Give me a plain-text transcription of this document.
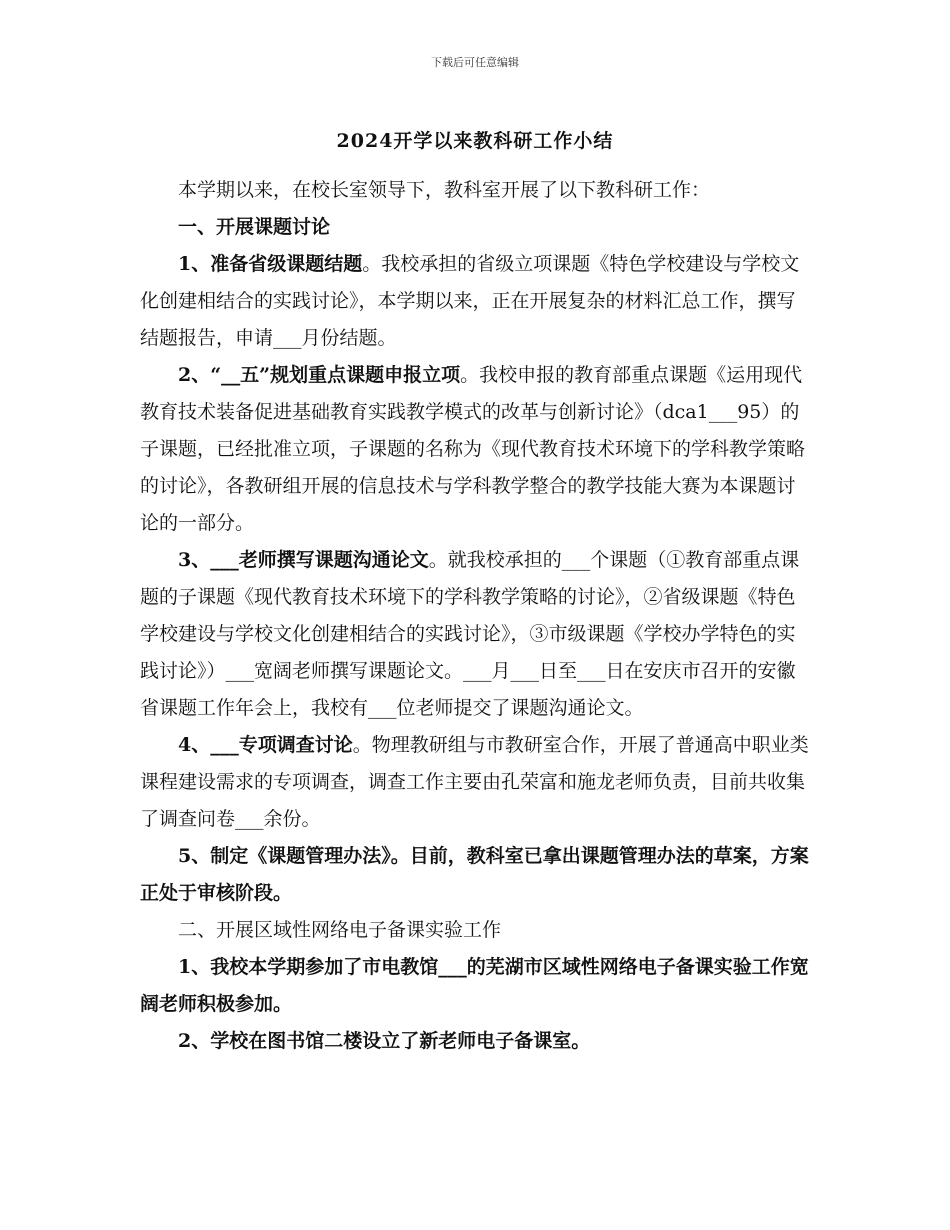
下载后可任意编辑
2024开学以来教科研工作小结

本学期以来，在校长室领导下，教科室开展了以下教科研工作：

一、开展课题讨论

1、准备省级课题结题。我校承担的省级立项课题《特色学校建设与学校文化创建相结合的实践讨论》，本学期以来，正在开展复杂的材料汇总工作，撰写结题报告，申请___月份结题。

2、“__五”规划重点课题申报立项。我校申报的教育部重点课题《运用现代教育技术装备促进基础教育实践教学模式的改革与创新讨论》（dca1___95）的子课题，已经批准立项，子课题的名称为《现代教育技术环境下的学科教学策略的讨论》，各教研组开展的信息技术与学科教学整合的教学技能大赛为本课题讨论的一部分。

3、___老师撰写课题沟通论文。就我校承担的___个课题（①教育部重点课题的子课题《现代教育技术环境下的学科教学策略的讨论》，②省级课题《特色学校建设与学校文化创建相结合的实践讨论》，③市级课题《学校办学特色的实践讨论》）___宽阔老师撰写课题论文。___月___日至___日在安庆市召开的安徽省课题工作年会上，我校有___位老师提交了课题沟通论文。

4、___专项调查讨论。物理教研组与市教研室合作，开展了普通高中职业类课程建设需求的专项调查，调查工作主要由孔荣富和施龙老师负责，目前共收集了调查问卷___余份。

5、制定《课题管理办法》。目前，教科室已拿出课题管理办法的草案，方案正处于审核阶段。

二、开展区域性网络电子备课实验工作

1、我校本学期参加了市电教馆___的芜湖市区域性网络电子备课实验工作宽阔老师积极参加。

2、学校在图书馆二楼设立了新老师电子备课室。
